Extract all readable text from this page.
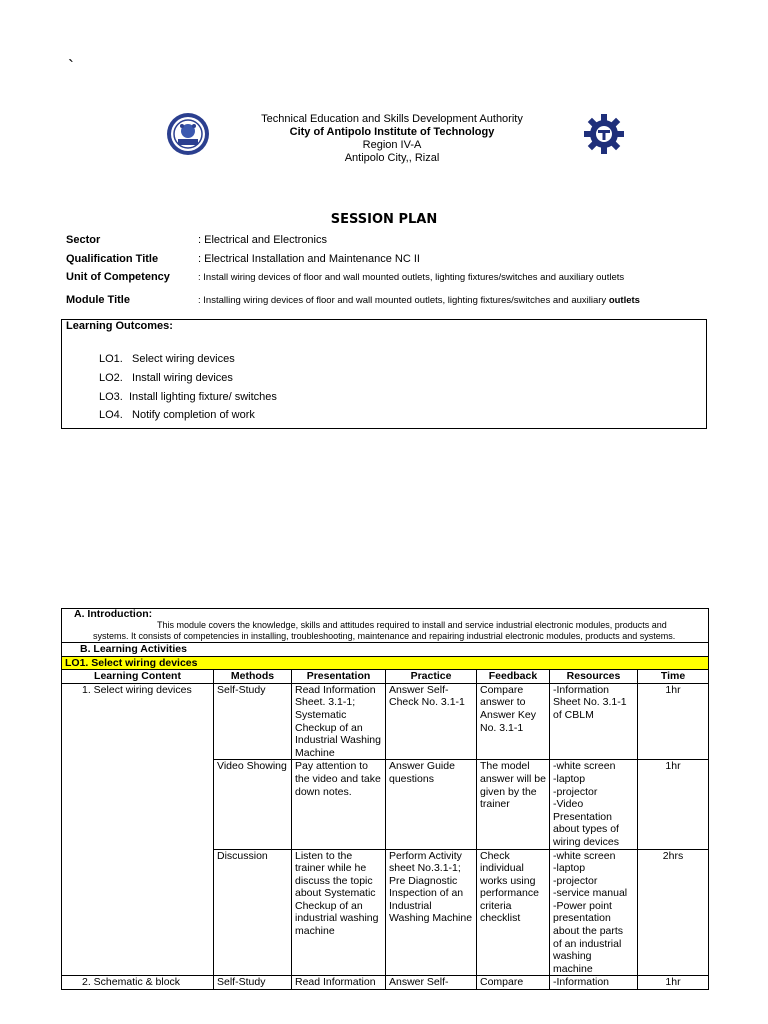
`
Technical Education and Skills Development Authority
City of Antipolo Institute of Technology
Region IV-A
Antipolo City,, Rizal
SESSION PLAN
Sector	: Electrical and Electronics
Qualification Title	: Electrical Installation and Maintenance NC II
Unit of Competency	: Install wiring devices of floor and wall mounted outlets, lighting fixtures/switches and auxiliary outlets
Module Title	: Installing wiring devices of floor and wall mounted outlets, lighting fixtures/switches and auxiliary outlets
Learning Outcomes:
LO1.   Select wiring devices
LO2.   Install wiring devices
LO3.  Install lighting fixture/ switches
LO4.   Notify completion of work
A. Introduction:
This module covers the knowledge, skills and attitudes required to install and service industrial electronic modules, products and systems. It consists of competencies in installing, troubleshooting, maintenance and repairing industrial electronic modules, products and systems.						

B. Learning Activities						
LO1. Select wiring devices						
Learning Content	Methods	Presentation	Practice	Feedback	Resources	Time
1. Select wiring devices	Self-Study	Read Information Sheet. 3.1-1; Systematic Checkup of an Industrial Washing Machine	Answer Self-Check No. 3.1-1	Compare answer to Answer Key No. 3.1-1	-Information Sheet No. 3.1-1 of CBLM	1hr
	Video Showing	Pay attention to the video and take down notes.	Answer Guide questions	The model answer will be given by the trainer	-white screen
-laptop
-projector
-Video Presentation about types of wiring devices	1hr
	Discussion	Listen to the trainer while he discuss the topic about Systematic Checkup of an industrial washing machine	Perform Activity sheet No.3.1-1; Pre Diagnostic Inspection of an Industrial Washing Machine	Check individual works using performance criteria checklist	-white screen
-laptop
-projector
-service manual
-Power point presentation about the parts of an industrial washing machine	2hrs
2. Schematic & block	Self-Study	Read Information	Answer Self-	Compare	-Information	1hr
